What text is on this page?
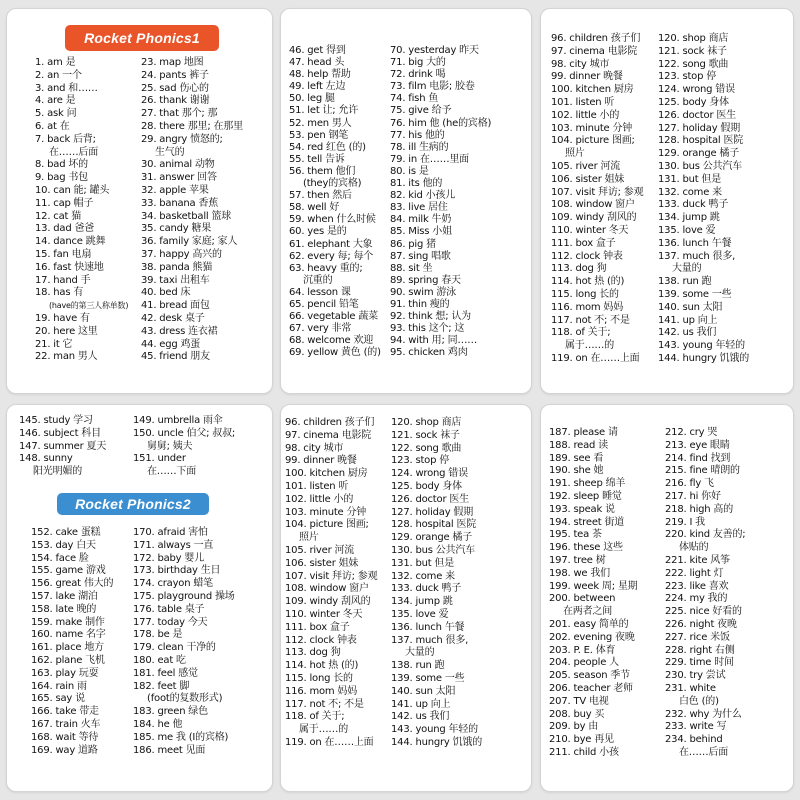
Rocket Phonics1
1. am 是
2. an 一个
3. and 和……
4. are 是
5. ask 问
6. at 在
7. back 后背;
在……后面
8. bad 坏的
9. bag 书包
10. can 能; 罐头
11. cap 帽子
12. cat 猫
13. dad 爸爸
14. dance 跳舞
15. fan 电扇
16. fast 快速地
17. hand 手
18. has 有
(have的第三人称单数)
19. have 有
20. here 这里
21. it 它
22. man 男人
23. map 地图
24. pants 裤子
25. sad 伤心的
26. thank 谢谢
27. that 那个; 那
28. there 那里; 在那里
29. angry 愤怒的;
生气的
30. animal 动物
31. answer 回答
32. apple 苹果
33. banana 香蕉
34. basketball 篮球
35. candy 糖果
36. family 家庭; 家人
37. happy 高兴的
38. panda 熊猫
39. taxi 出租车
40. bed 床
41. bread 面包
42. desk 桌子
43. dress 连衣裙
44. egg 鸡蛋
45. friend 朋友
46. get 得到
47. head 头
48. help 帮助
49. left 左边
50. leg 腿
51. let 让; 允许
52. men 男人
53. pen 钢笔
54. red 红色 (的)
55. tell 告诉
56. them 他们
(they的宾格)
57. then 然后
58. well 好
59. when 什么时候
60. yes 是的
61. elephant 大象
62. every 每; 每个
63. heavy 重的;
沉重的
64. lesson 课
65. pencil 铅笔
66. vegetable 蔬菜
67. very 非常
68. welcome 欢迎
69. yellow 黄色 (的)
70. yesterday 昨天
71. big 大的
72. drink 喝
73. film 电影; 胶卷
74. fish 鱼
75. give 给予
76. him 他 (he的宾格)
77. his 他的
78. ill 生病的
79. in 在……里面
80. is 是
81. its 他的
82. kid 小孩儿
83. live 居住
84. milk 牛奶
85. Miss 小姐
86. pig 猪
87. sing 唱歌
88. sit 坐
89. spring 春天
90. swim 游泳
91. thin 瘦的
92. think 想; 认为
93. this 这个; 这
94. with 用; 同……
95. chicken 鸡肉
96. children 孩子们
97. cinema 电影院
98. city 城市
99. dinner 晚餐
100. kitchen 厨房
101. listen 听
102. little 小的
103. minute 分钟
104. picture 图画;
照片
105. river 河流
106. sister 姐妹
107. visit 拜访; 参观
108. window 窗户
109. windy 刮风的
110. winter 冬天
111. box 盒子
112. clock 钟表
113. dog 狗
114. hot 热 (的)
115. long 长的
116. mom 妈妈
117. not 不; 不是
118. of 关于;
属于……的
119. on 在……上面
120. shop 商店
121. sock 袜子
122. song 歌曲
123. stop 停
124. wrong 错误
125. body 身体
126. doctor 医生
127. holiday 假期
128. hospital 医院
129. orange 橘子
130. bus 公共汽车
131. but 但是
132. come 来
133. duck 鸭子
134. jump 跳
135. love 爱
136. lunch 午餐
137. much 很多,
大量的
138. run 跑
139. some 一些
140. sun 太阳
141. up 向上
142. us 我们
143. young 年轻的
144. hungry 饥饿的
145. study 学习
146. subject 科目
147. summer 夏天
148. sunny
阳光明媚的
149. umbrella 雨伞
150. uncle 伯父; 叔叔;
舅舅; 姨夫
151. under
在……下面
Rocket Phonics2
152. cake 蛋糕
153. day 白天
154. face 脸
155. game 游戏
156. great 伟大的
157. lake 湖泊
158. late 晚的
159. make 制作
160. name 名字
161. place 地方
162. plane 飞机
163. play 玩耍
164. rain 雨
165. say 说
166. take 带走
167. train 火车
168. wait 等待
169. way 道路
170. afraid 害怕
171. always 一直
172. baby 婴儿
173. birthday 生日
174. crayon 蜡笔
175. playground 操场
176. table 桌子
177. today 今天
178. be 是
179. clean 干净的
180. eat 吃
181. feel 感觉
182. feet 脚
(foot的复数形式)
183. green 绿色
184. he 他
185. me 我 (I的宾格)
186. meet 见面
96. children 孩子们
97. cinema 电影院
98. city 城市
99. dinner 晚餐
100. kitchen 厨房
101. listen 听
102. little 小的
103. minute 分钟
104. picture 图画;
照片
105. river 河流
106. sister 姐妹
107. visit 拜访; 参观
108. window 窗户
109. windy 刮风的
110. winter 冬天
111. box 盒子
112. clock 钟表
113. dog 狗
114. hot 热 (的)
115. long 长的
116. mom 妈妈
117. not 不; 不是
118. of 关于;
属于……的
119. on 在……上面
120. shop 商店
121. sock 袜子
122. song 歌曲
123. stop 停
124. wrong 错误
125. body 身体
126. doctor 医生
127. holiday 假期
128. hospital 医院
129. orange 橘子
130. bus 公共汽车
131. but 但是
132. come 来
133. duck 鸭子
134. jump 跳
135. love 爱
136. lunch 午餐
137. much 很多,
大量的
138. run 跑
139. some 一些
140. sun 太阳
141. up 向上
142. us 我们
143. young 年轻的
144. hungry 饥饿的
187. please 请
188. read 读
189. see 看
190. she 她
191. sheep 绵羊
192. sleep 睡觉
193. speak 说
194. street 街道
195. tea 茶
196. these 这些
197. tree 树
198. we 我们
199. week 周; 星期
200. between
在两者之间
201. easy 简单的
202. evening 夜晚
203. P. E. 体育
204. people 人
205. season 季节
206. teacher 老师
207. TV 电视
208. buy 买
209. by 由
210. bye 再见
211. child 小孩
212. cry 哭
213. eye 眼睛
214. find 找到
215. fine 晴朗的
216. fly 飞
217. hi 你好
218. high 高的
219. I 我
220. kind 友善的;
体贴的
221. kite 风筝
222. light 灯
223. like 喜欢
224. my 我的
225. nice 好看的
226. night 夜晚
227. rice 米饭
228. right 右侧
229. time 时间
230. try 尝试
231. white
白色 (的)
232. why 为什么
233. write 写
234. behind
在……后面
